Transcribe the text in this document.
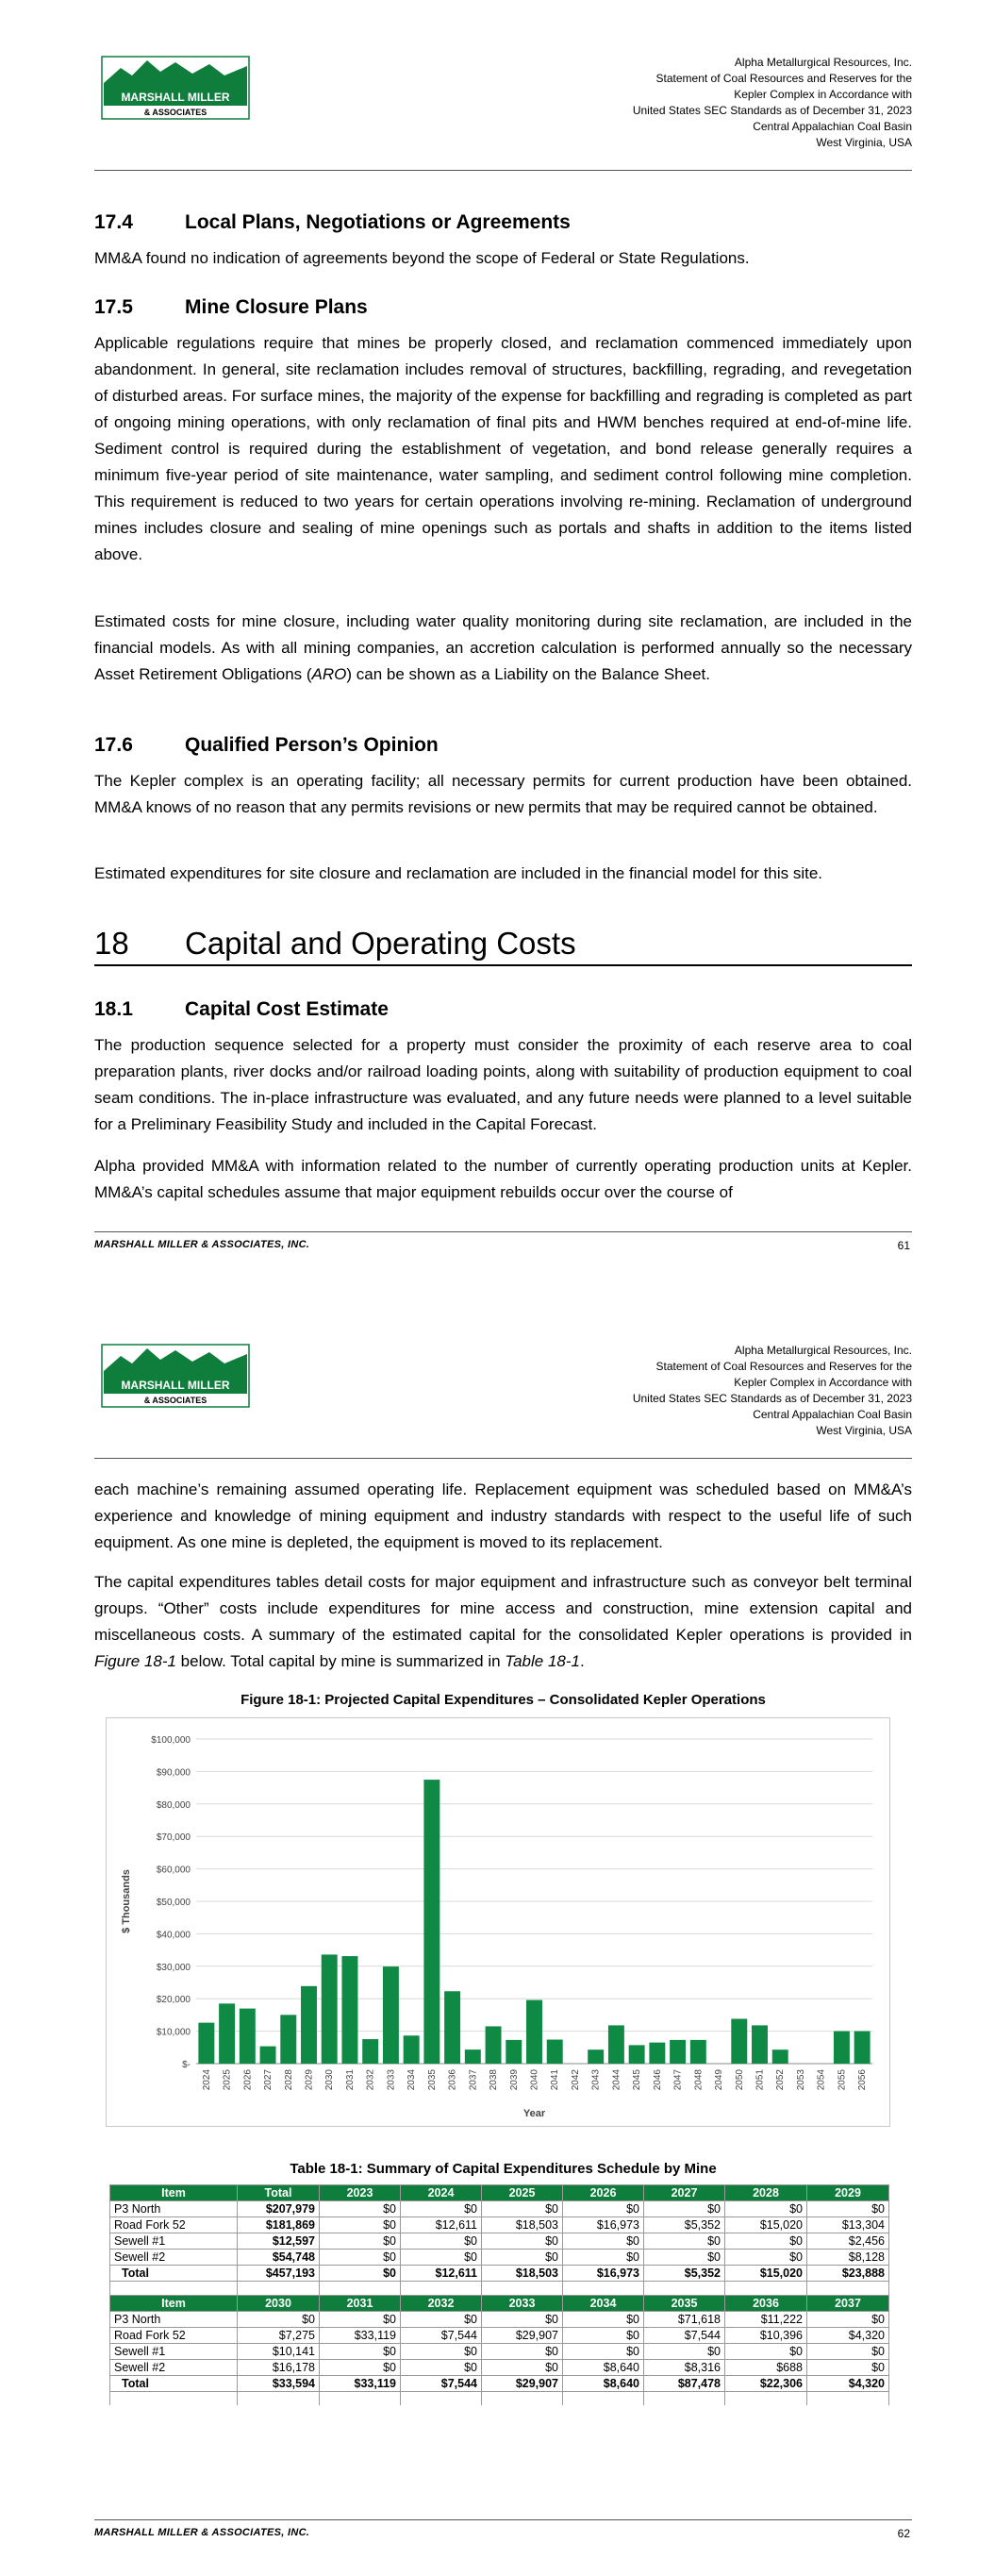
MARSHALL MILLER
& ASSOCIATES
Alpha Metallurgical Resources, Inc.
Statement of Coal Resources and Reserves for the
Kepler Complex in Accordance with
United States SEC Standards as of December 31, 2023
Central Appalachian Coal Basin
West Virginia, USA
17.4	Local Plans, Negotiations or Agreements

MM&A found no indication of agreements beyond the scope of Federal or State Regulations.

17.5	Mine Closure Plans

Applicable regulations require that mines be properly closed, and reclamation commenced immediately upon abandonment. In general, site reclamation includes removal of structures, backfilling, regrading, and revegetation of disturbed areas. For surface mines, the majority of the expense for backfilling and regrading is completed as part of ongoing mining operations, with only reclamation of final pits and HWM benches required at end-of-mine life. Sediment control is required during the establishment of vegetation, and bond release generally requires a minimum five-year period of site maintenance, water sampling, and sediment control following mine completion. This requirement is reduced to two years for certain operations involving re-mining. Reclamation of underground mines includes closure and sealing of mine openings such as portals and shafts in addition to the items listed above.

Estimated costs for mine closure, including water quality monitoring during site reclamation, are included in the financial models. As with all mining companies, an accretion calculation is performed annually so the necessary Asset Retirement Obligations (ARO) can be shown as a Liability on the Balance Sheet.

17.6	Qualified Person’s Opinion

The Kepler complex is an operating facility; all necessary permits for current production have been obtained. MM&A knows of no reason that any permits revisions or new permits that may be required cannot be obtained.

Estimated expenditures for site closure and reclamation are included in the financial model for this site.

18 Capital and Operating Costs
18.1	Capital Cost Estimate

The production sequence selected for a property must consider the proximity of each reserve area to coal preparation plants, river docks and/or railroad loading points, along with suitability of production equipment to coal seam conditions. The in-place infrastructure was evaluated, and any future needs were planned to a level suitable for a Preliminary Feasibility Study and included in the Capital Forecast.

Alpha provided MM&A with information related to the number of currently operating production units at Kepler. MM&A’s capital schedules assume that major equipment rebuilds occur over the course of

MARSHALL MILLER & ASSOCIATES, INC.	61
MARSHALL MILLER
& ASSOCIATES
Alpha Metallurgical Resources, Inc.
Statement of Coal Resources and Reserves for the
Kepler Complex in Accordance with
United States SEC Standards as of December 31, 2023
Central Appalachian Coal Basin
West Virginia, USA

each machine’s remaining assumed operating life. Replacement equipment was scheduled based on MM&A’s experience and knowledge of mining equipment and industry standards with respect to the useful life of such equipment. As one mine is depleted, the equipment is moved to its replacement.

The capital expenditures tables detail costs for major equipment and infrastructure such as conveyor belt terminal groups. “Other” costs include expenditures for mine access and construction, mine extension capital and miscellaneous costs. A summary of the estimated capital for the consolidated Kepler operations is provided in Figure 18-1 below. Total capital by mine is summarized in Table 18-1.

Figure 18-1: Projected Capital Expenditures – Consolidated Kepler Operations
$-
$10,000
$20,000
$30,000
$40,000
$50,000
$60,000
$70,000
$80,000
$90,000
$100,000
2024 2025 2026 2027 2028 2029 2030 2031 2032 2033 2034 2035 2036 2037 2038 2039 2040 2041 2042 2043 2044 2045 2046 2047 2048 2049 2050 2051 2052 2053 2054 2055 2056
Year
$ Thousands
Table 18-1: Summary of Capital Expenditures Schedule by Mine
Item	Total	2023	2024	2025	2026	2027	2028	2029
P3 North	$207,979	$0	$0	$0	$0	$0	$0	$0
Road Fork 52	$181,869	$0	$12,611	$18,503	$16,973	$5,352	$15,020	$13,304
Sewell #1	$12,597	$0	$0	$0	$0	$0	$0	$2,456
Sewell #2	$54,748	$0	$0	$0	$0	$0	$0	$8,128
Total	$457,193	$0	$12,611	$18,503	$16,973	$5,352	$15,020	$23,888

Item	2030	2031	2032	2033	2034	2035	2036	2037
P3 North	$0	$0	$0	$0	$0	$71,618	$11,222	$0
Road Fork 52	$7,275	$33,119	$7,544	$29,907	$0	$7,544	$10,396	$4,320
Sewell #1	$10,141	$0	$0	$0	$0	$0	$0	$0
Sewell #2	$16,178	$0	$0	$0	$8,640	$8,316	$688	$0
Total	$33,594	$33,119	$7,544	$29,907	$8,640	$87,478	$22,306	$4,320

MARSHALL MILLER & ASSOCIATES, INC.	62
